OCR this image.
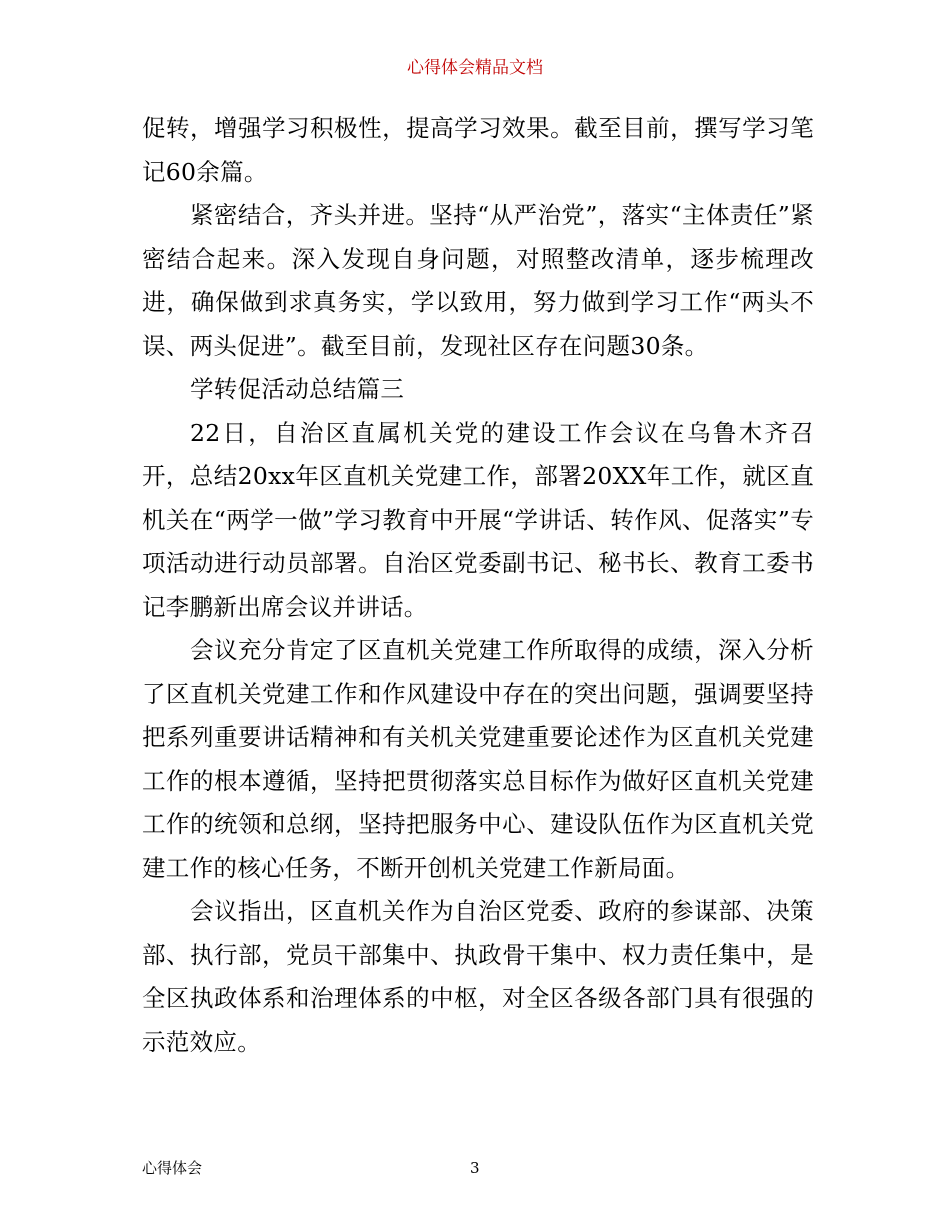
心得体会精品文档

促转，增强学习积极性，提高学习效果。截至目前，撰写学习笔记60余篇。

紧密结合，齐头并进。坚持“从严治党”，落实“主体责任”紧密结合起来。深入发现自身问题，对照整改清单，逐步梳理改进，确保做到求真务实，学以致用，努力做到学习工作“两头不误、两头促进”。截至目前，发现社区存在问题30条。

学转促活动总结篇三

22日，自治区直属机关党的建设工作会议在乌鲁木齐召开，总结20xx年区直机关党建工作，部署20XX年工作，就区直机关在“两学一做”学习教育中开展“学讲话、转作风、促落实”专项活动进行动员部署。自治区党委副书记、秘书长、教育工委书记李鹏新出席会议并讲话。

会议充分肯定了区直机关党建工作所取得的成绩，深入分析了区直机关党建工作和作风建设中存在的突出问题，强调要坚持把系列重要讲话精神和有关机关党建重要论述作为区直机关党建工作的根本遵循，坚持把贯彻落实总目标作为做好区直机关党建工作的统领和总纲，坚持把服务中心、建设队伍作为区直机关党建工作的核心任务，不断开创机关党建工作新局面。

会议指出，区直机关作为自治区党委、政府的参谋部、决策部、执行部，党员干部集中、执政骨干集中、权力责任集中，是全区执政体系和治理体系的中枢，对全区各级各部门具有很强的示范效应。

心得体会	3
